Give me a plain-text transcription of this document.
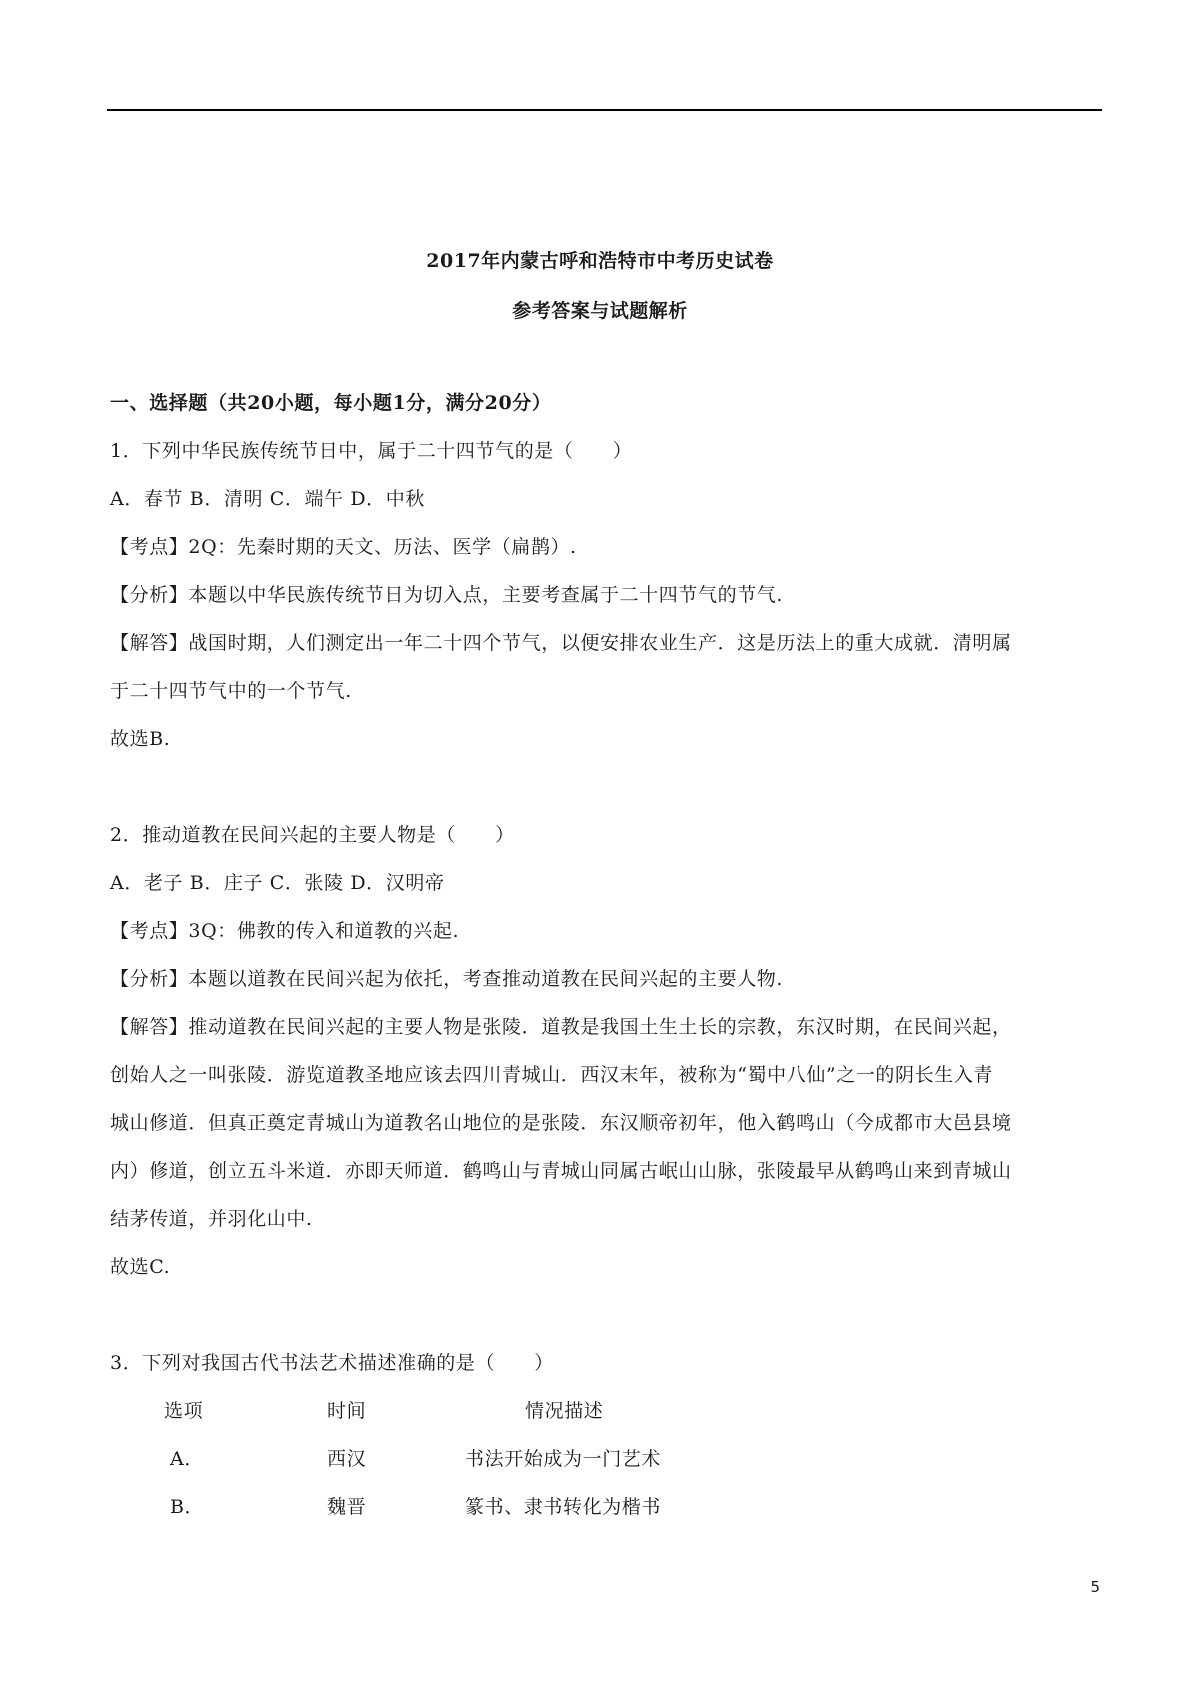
2017年内蒙古呼和浩特市中考历史试卷
参考答案与试题解析
一、选择题（共20小题，每小题1分，满分20分）
1．下列中华民族传统节日中，属于二十四节气的是（　　）
A．春节 B．清明 C．端午 D．中秋
【考点】2Q：先秦时期的天文、历法、医学（扁鹊）.
【分析】本题以中华民族传统节日为切入点，主要考查属于二十四节气的节气.
【解答】战国时期，人们测定出一年二十四个节气，以便安排农业生产．这是历法上的重大成就．清明属
于二十四节气中的一个节气.
故选B.
2．推动道教在民间兴起的主要人物是（　　）
A．老子 B．庄子 C．张陵 D．汉明帝
【考点】3Q：佛教的传入和道教的兴起.
【分析】本题以道教在民间兴起为依托，考查推动道教在民间兴起的主要人物.
【解答】推动道教在民间兴起的主要人物是张陵．道教是我国土生土长的宗教，东汉时期，在民间兴起，
创始人之一叫张陵．游览道教圣地应该去四川青城山．西汉末年，被称为“蜀中八仙”之一的阴长生入青
城山修道．但真正奠定青城山为道教名山地位的是张陵．东汉顺帝初年，他入鹤鸣山（今成都市大邑县境
内）修道，创立五斗米道．亦即天师道．鹤鸣山与青城山同属古岷山山脉，张陵最早从鹤鸣山来到青城山
结茅传道，并羽化山中.
故选C.
3．下列对我国古代书法艺术描述准确的是（　　）
选项	时间	情况描述
A．	西汉	书法开始成为一门艺术
B．	魏晋	篆书、隶书转化为楷书
5
